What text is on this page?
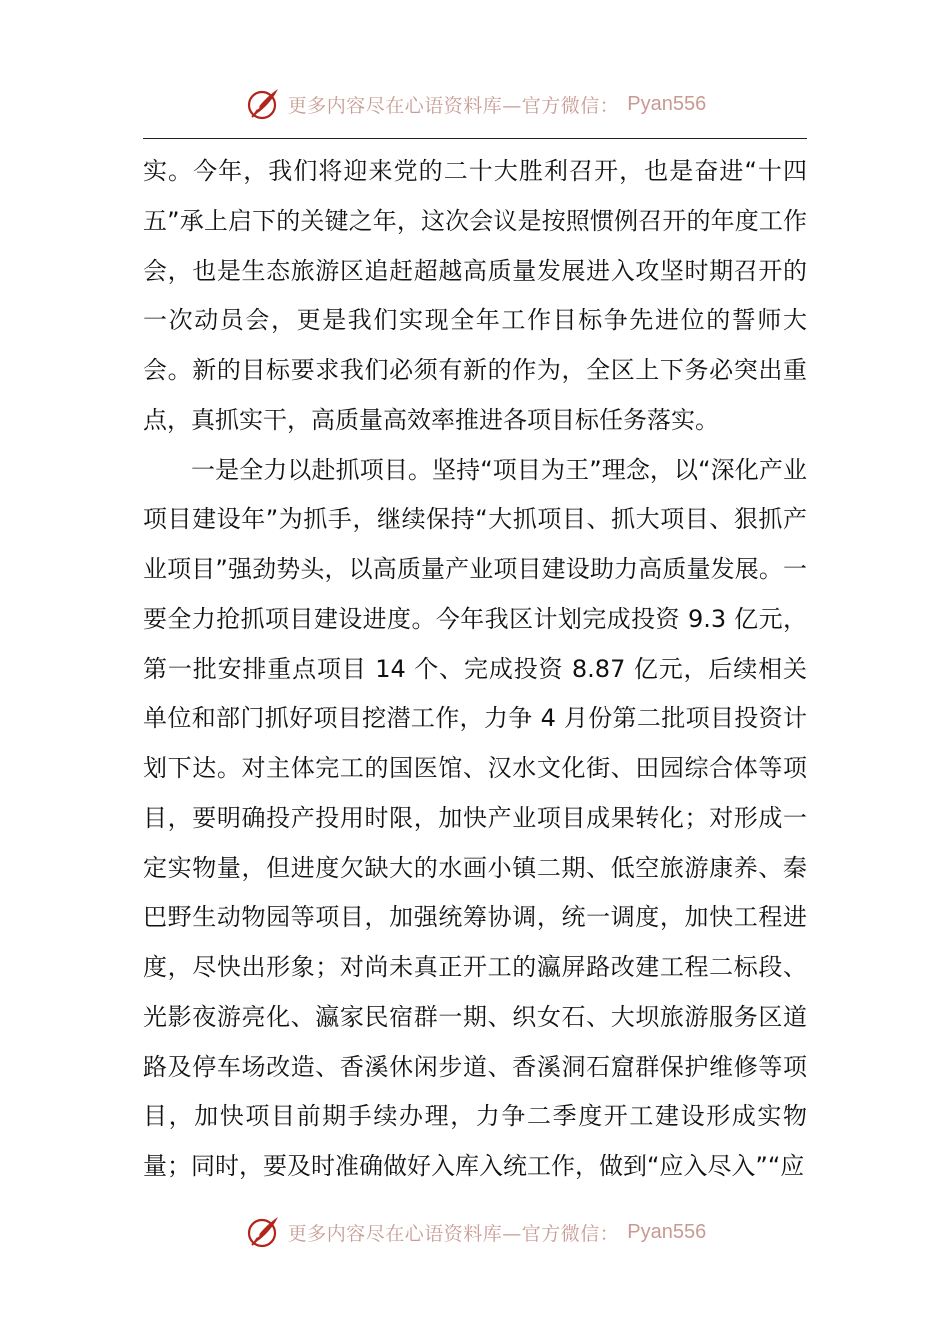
更多内容尽在心语资料库—官方微信： Pyan556

实。今年，我们将迎来党的二十大胜利召开，也是奋进“十四五”承上启下的关键之年，这次会议是按照惯例召开的年度工作会，也是生态旅游区追赶超越高质量发展进入攻坚时期召开的一次动员会，更是我们实现全年工作目标争先进位的誓师大会。新的目标要求我们必须有新的作为，全区上下务必突出重点，真抓实干，高质量高效率推进各项目标任务落实。

一是全力以赴抓项目。坚持“项目为王”理念，以“深化产业项目建设年”为抓手，继续保持“大抓项目、抓大项目、狠抓产业项目”强劲势头，以高质量产业项目建设助力高质量发展。一要全力抢抓项目建设进度。今年我区计划完成投资 9.3 亿元，第一批安排重点项目 14 个、完成投资 8.87 亿元，后续相关单位和部门抓好项目挖潜工作，力争 4 月份第二批项目投资计划下达。对主体完工的国医馆、汉水文化街、田园综合体等项目，要明确投产投用时限，加快产业项目成果转化；对形成一定实物量，但进度欠缺大的水画小镇二期、低空旅游康养、秦巴野生动物园等项目，加强统筹协调，统一调度，加快工程进度，尽快出形象；对尚未真正开工的瀛屏路改建工程二标段、光影夜游亮化、瀛家民宿群一期、织女石、大坝旅游服务区道路及停车场改造、香溪休闲步道、香溪洞石窟群保护维修等项目，加快项目前期手续办理，力争二季度开工建设形成实物量；同时，要及时准确做好入库入统工作，做到“应入尽入”“应

更多内容尽在心语资料库—官方微信： Pyan556
